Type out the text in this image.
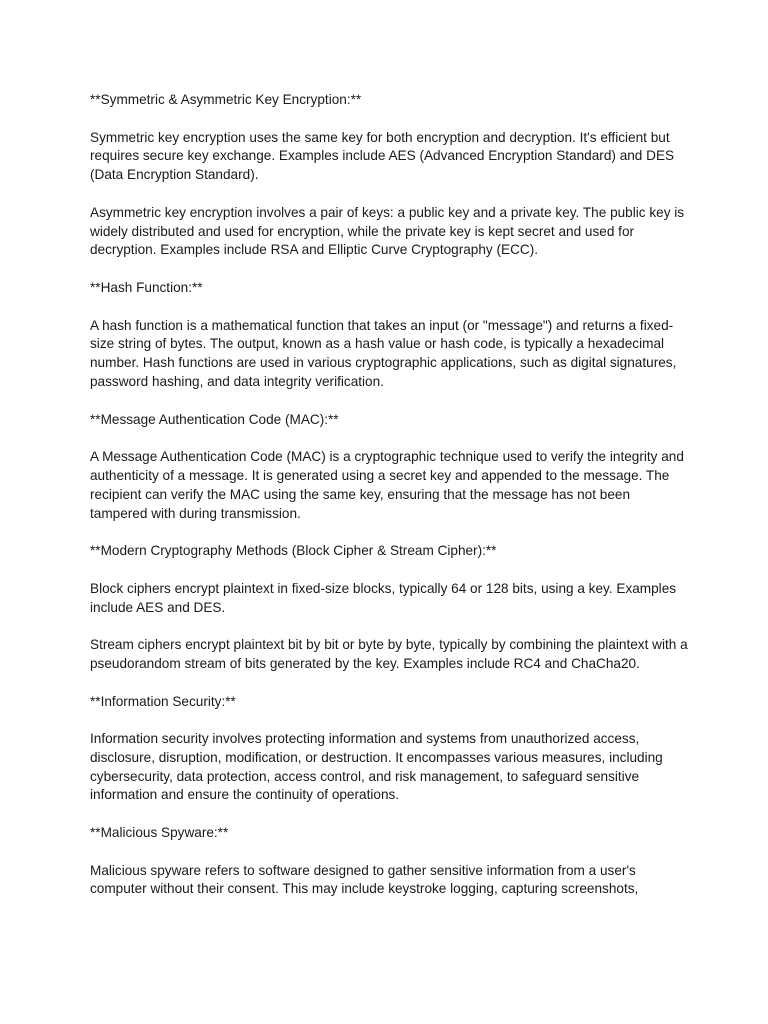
**Symmetric & Asymmetric Key Encryption:**

Symmetric key encryption uses the same key for both encryption and decryption. It's efficient but requires secure key exchange. Examples include AES (Advanced Encryption Standard) and DES (Data Encryption Standard).

Asymmetric key encryption involves a pair of keys: a public key and a private key. The public key is widely distributed and used for encryption, while the private key is kept secret and used for decryption. Examples include RSA and Elliptic Curve Cryptography (ECC).

**Hash Function:**

A hash function is a mathematical function that takes an input (or "message") and returns a fixed-size string of bytes. The output, known as a hash value or hash code, is typically a hexadecimal number. Hash functions are used in various cryptographic applications, such as digital signatures, password hashing, and data integrity verification.

**Message Authentication Code (MAC):**

A Message Authentication Code (MAC) is a cryptographic technique used to verify the integrity and authenticity of a message. It is generated using a secret key and appended to the message. The recipient can verify the MAC using the same key, ensuring that the message has not been tampered with during transmission.

**Modern Cryptography Methods (Block Cipher & Stream Cipher):**

Block ciphers encrypt plaintext in fixed-size blocks, typically 64 or 128 bits, using a key. Examples include AES and DES.

Stream ciphers encrypt plaintext bit by bit or byte by byte, typically by combining the plaintext with a pseudorandom stream of bits generated by the key. Examples include RC4 and ChaCha20.

**Information Security:**

Information security involves protecting information and systems from unauthorized access, disclosure, disruption, modification, or destruction. It encompasses various measures, including cybersecurity, data protection, access control, and risk management, to safeguard sensitive information and ensure the continuity of operations.

**Malicious Spyware:**

Malicious spyware refers to software designed to gather sensitive information from a user's computer without their consent. This may include keystroke logging, capturing screenshots,
